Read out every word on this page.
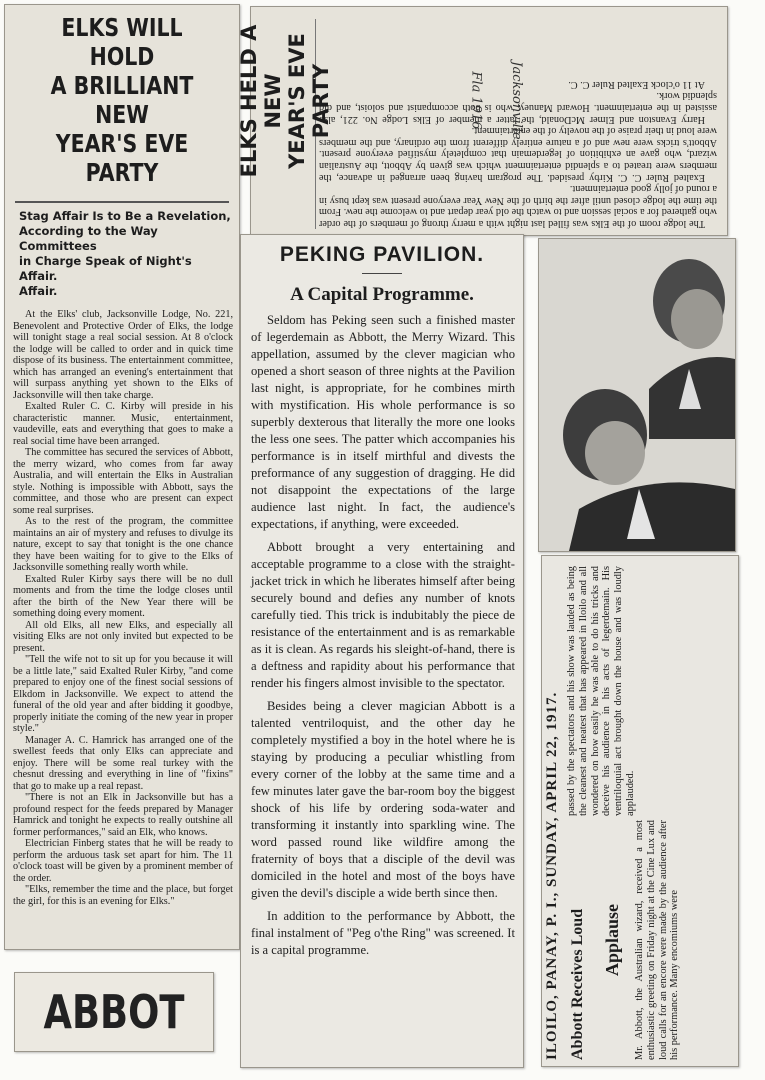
ELKS WILL HOLD
A BRILLIANT NEW
YEAR'S EVE PARTY
Stag Affair Is to Be a Revelation,
According to the Way Committees
in Charge Speak of Night's Affair.
Affair.

At the Elks' club, Jacksonville Lodge, No. 221, Benevolent and Protective Order of Elks, the lodge will tonight stage a real social session. At 8 o'clock the lodge will be called to order and in quick time dispose of its business. The entertainment committee, which has arranged an evening's entertainment that will surpass anything yet shown to the Elks of Jacksonville will then take charge.

Exalted Ruler C. C. Kirby will preside in his characteristic manner. Music, entertainment, vaudeville, eats and everything that goes to make a real social time have been arranged.

The committee has secured the services of Abbott, the merry wizard, who comes from far away Australia, and will entertain the Elks in Australian style. Nothing is impossible with Abbott, says the committee, and those who are present can expect some real surprises.

As to the rest of the program, the committee maintains an air of mystery and refuses to divulge its nature, except to say that tonight is the one chance they have been waiting for to give to the Elks of Jacksonville something really worth while.

Exalted Ruler Kirby says there will be no dull moments and from the time the lodge closes until after the birth of the New Year there will be something doing every moment.

All old Elks, all new Elks, and especially all visiting Elks are not only invited but expected to be present.

"Tell the wife not to sit up for you because it will be a little late," said Exalted Ruler Kirby, "and come prepared to enjoy one of the finest social sessions of Elkdom in Jacksonville. We expect to attend the funeral of the old year and after bidding it goodbye, properly initiate the coming of the new year in proper style."

Manager A. C. Hamrick has arranged one of the swellest feeds that only Elks can appreciate and enjoy. There will be some real turkey with the chesnut dressing and everything in line of "fixins" that go to make up a real repast.

"There is not an Elk in Jacksonville but has a profound respect for the feeds prepared by Manager Hamrick and tonight he expects to really outshine all former performances," said an Elk, who knows.

Electrician Finberg states that he will be ready to perform the arduous task set apart for him. The 11 o'clock toast will be given by a prominent member of the order.

"Elks, remember the time and the place, but forget the girl, for this is an evening for Elks."

ABBOT

The lodge room of the Elks was filled last night with a merry throng of members of the order who gathered for a social session and to watch the old year depart and to welcome the new. From the time the lodge closed until after the birth of the New Year everyone present was kept busy in a round of jolly good entertainment.

Exalted Ruler C. C. Kirby presided. The program having been arranged in advance, the members were treated to a splendid entertainment which was given by Abbott, the Australian wizard, who gave an exhibition of legerdemain that completely mystified everyone present. Abbott's tricks were new and of a nature entirely different from the ordinary, and the members were loud in their praise of the novelty of the entertainment.

Harry Evanston and Elmer McDonald, the latter a member of Elks Lodge No. 221, also assisted in the entertainment. Howard Manuey, who is both accompanist and soloist, and did splendid work.

At 11 o'clock Exalted Ruler C. C.

ELKS HELD A NEW
YEAR'S EVE PARTY	Jacksonville
Fla 1916
PEKING PAVILION.
A Capital Programme.

Seldom has Peking seen such a finished master of legerdemain as Abbott, the Merry Wizard. This appellation, assumed by the clever magician who opened a short season of three nights at the Pavilion last night, is appropriate, for he combines mirth with mystification. His whole performance is so superbly dexterous that literally the more one looks the less one sees. The patter which accompanies his performance is in itself mirthful and divests the preformance of any suggestion of dragging. He did not disappoint the expectations of the large audience last night. In fact, the audience's expectations, if anything, were exceeded.

Abbott brought a very entertaining and acceptable programme to a close with the straight-jacket trick in which he liberates himself after being securely bound and defies any number of knots carefully tied. This trick is indubitably the piece de resistance of the entertainment and is as remarkable as it is clean. As regards his sleight-of-hand, there is a deftness and rapidity about his performance that render his fingers almost invisible to the spectator.

Besides being a clever magician Abbott is a talented ventriloquist, and the other day he completely mystified a boy in the hotel where he is staying by producing a peculiar whistling from every corner of the lobby at the same time and a few minutes later gave the bar-room boy the biggest shock of his life by ordering soda-water and transforming it instantly into sparkling wine. The word passed round like wildfire among the fraternity of boys that a disciple of the devil was domiciled in the hotel and most of the boys have given the devil's disciple a wide berth since then.

In addition to the performance by Abbott, the final instalment of "Peg o'the Ring" was screened. It is a capital programme.	ILOILO, PANAY, P. I., SUNDAY, APRIL 22, 1917. Abbott Receives Loud Applause
passed by the spectators and his show was lauded as being the cleanest and neatest that has appeared in Iloilo and all wondered on how easily he was able to do his tricks and deceive his audience in his acts of legerdemain. His ventriloquial act brought down the house and was loudly applauded.
Mr. Abbott, the Australian wizard, received a most enthusiastic greeting on Friday night at the Cine Lux and loud calls for an encore were made by the audience after his performance. Many encomiums were
